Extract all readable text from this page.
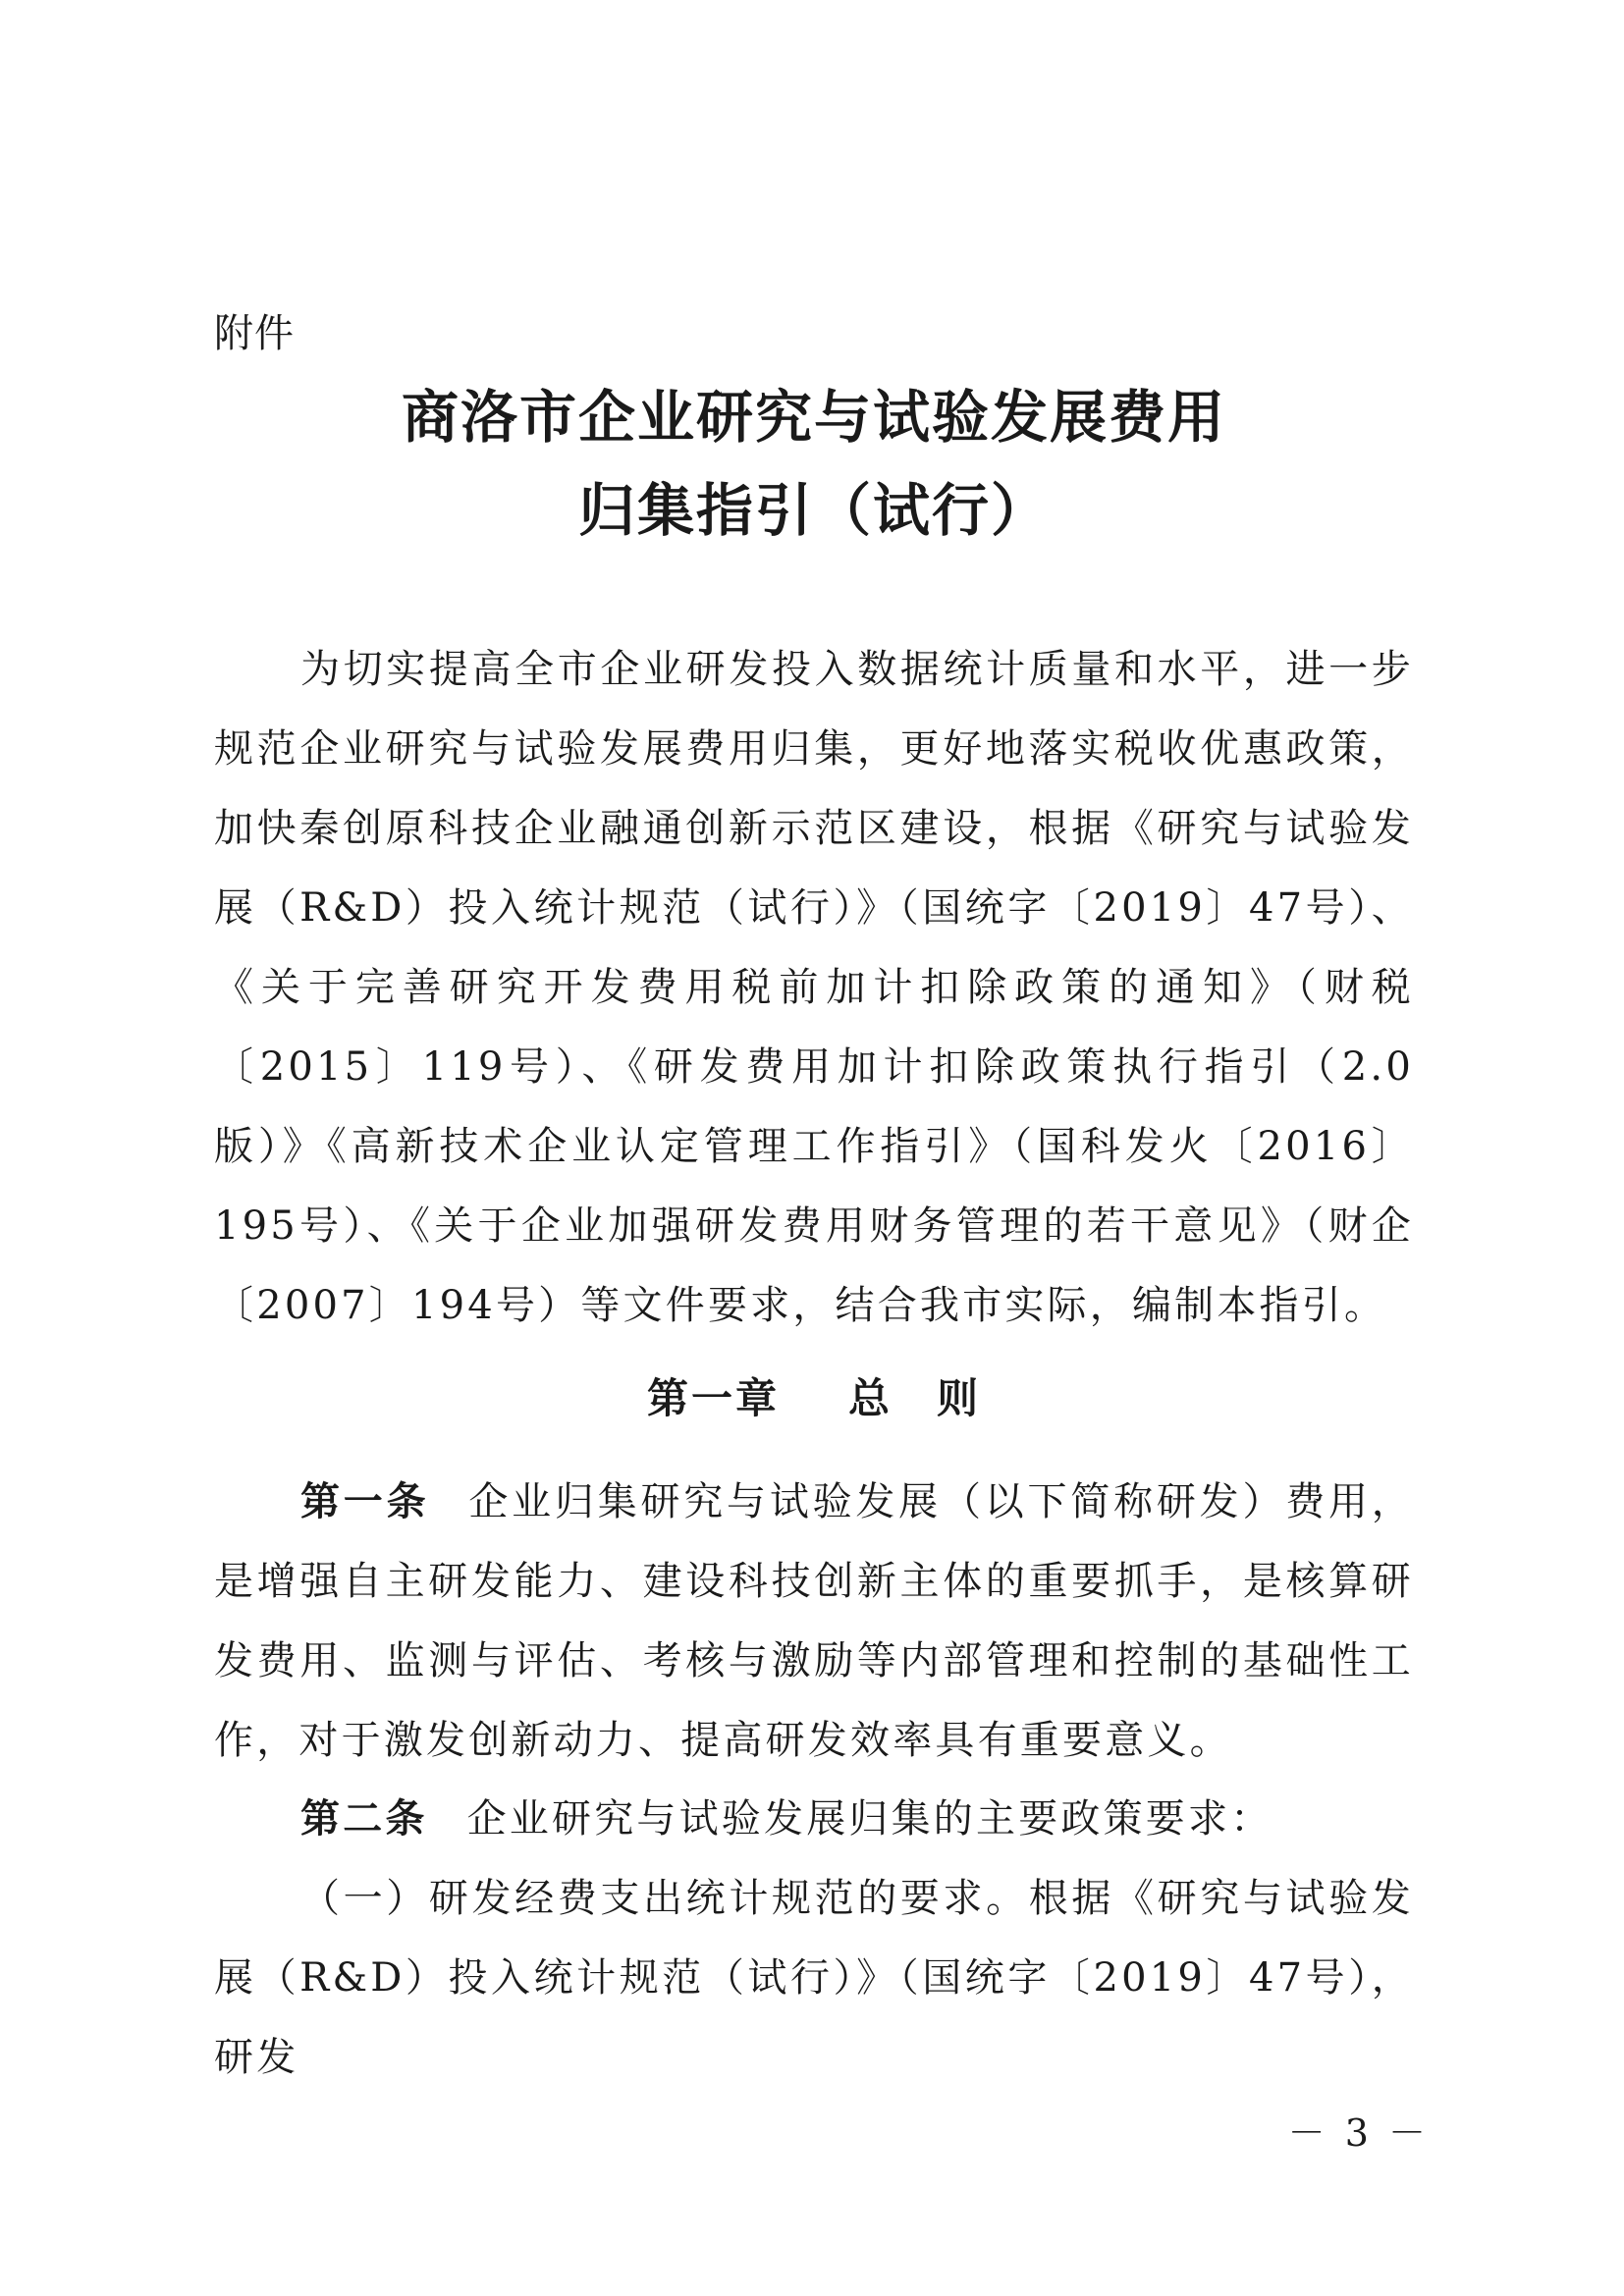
附件
商洛市企业研究与试验发展费用
归集指引（试行）

为切实提高全市企业研发投入数据统计质量和水平，进一步规范企业研究与试验发展费用归集，更好地落实税收优惠政策，加快秦创原科技企业融通创新示范区建设，根据《研究与试验发展（R&D）投入统计规范（试行）》（国统字〔2019〕47号）、《关于完善研究开发费用税前加计扣除政策的通知》（财税〔2015〕119号）、《研发费用加计扣除政策执行指引（2.0版）》《高新技术企业认定管理工作指引》（国科发火〔2016〕195号）、《关于企业加强研发费用财务管理的若干意见》（财企〔2007〕194号）等文件要求，结合我市实际，编制本指引。

第一章 总　则

第一条 企业归集研究与试验发展（以下简称研发）费用，是增强自主研发能力、建设科技创新主体的重要抓手，是核算研发费用、监测与评估、考核与激励等内部管理和控制的基础性工作，对于激发创新动力、提高研发效率具有重要意义。

第二条 企业研究与试验发展归集的主要政策要求：

（一）研发经费支出统计规范的要求。根据《研究与试验发展（R&D）投入统计规范（试行）》（国统字〔2019〕47号），研发

－ 3 －
